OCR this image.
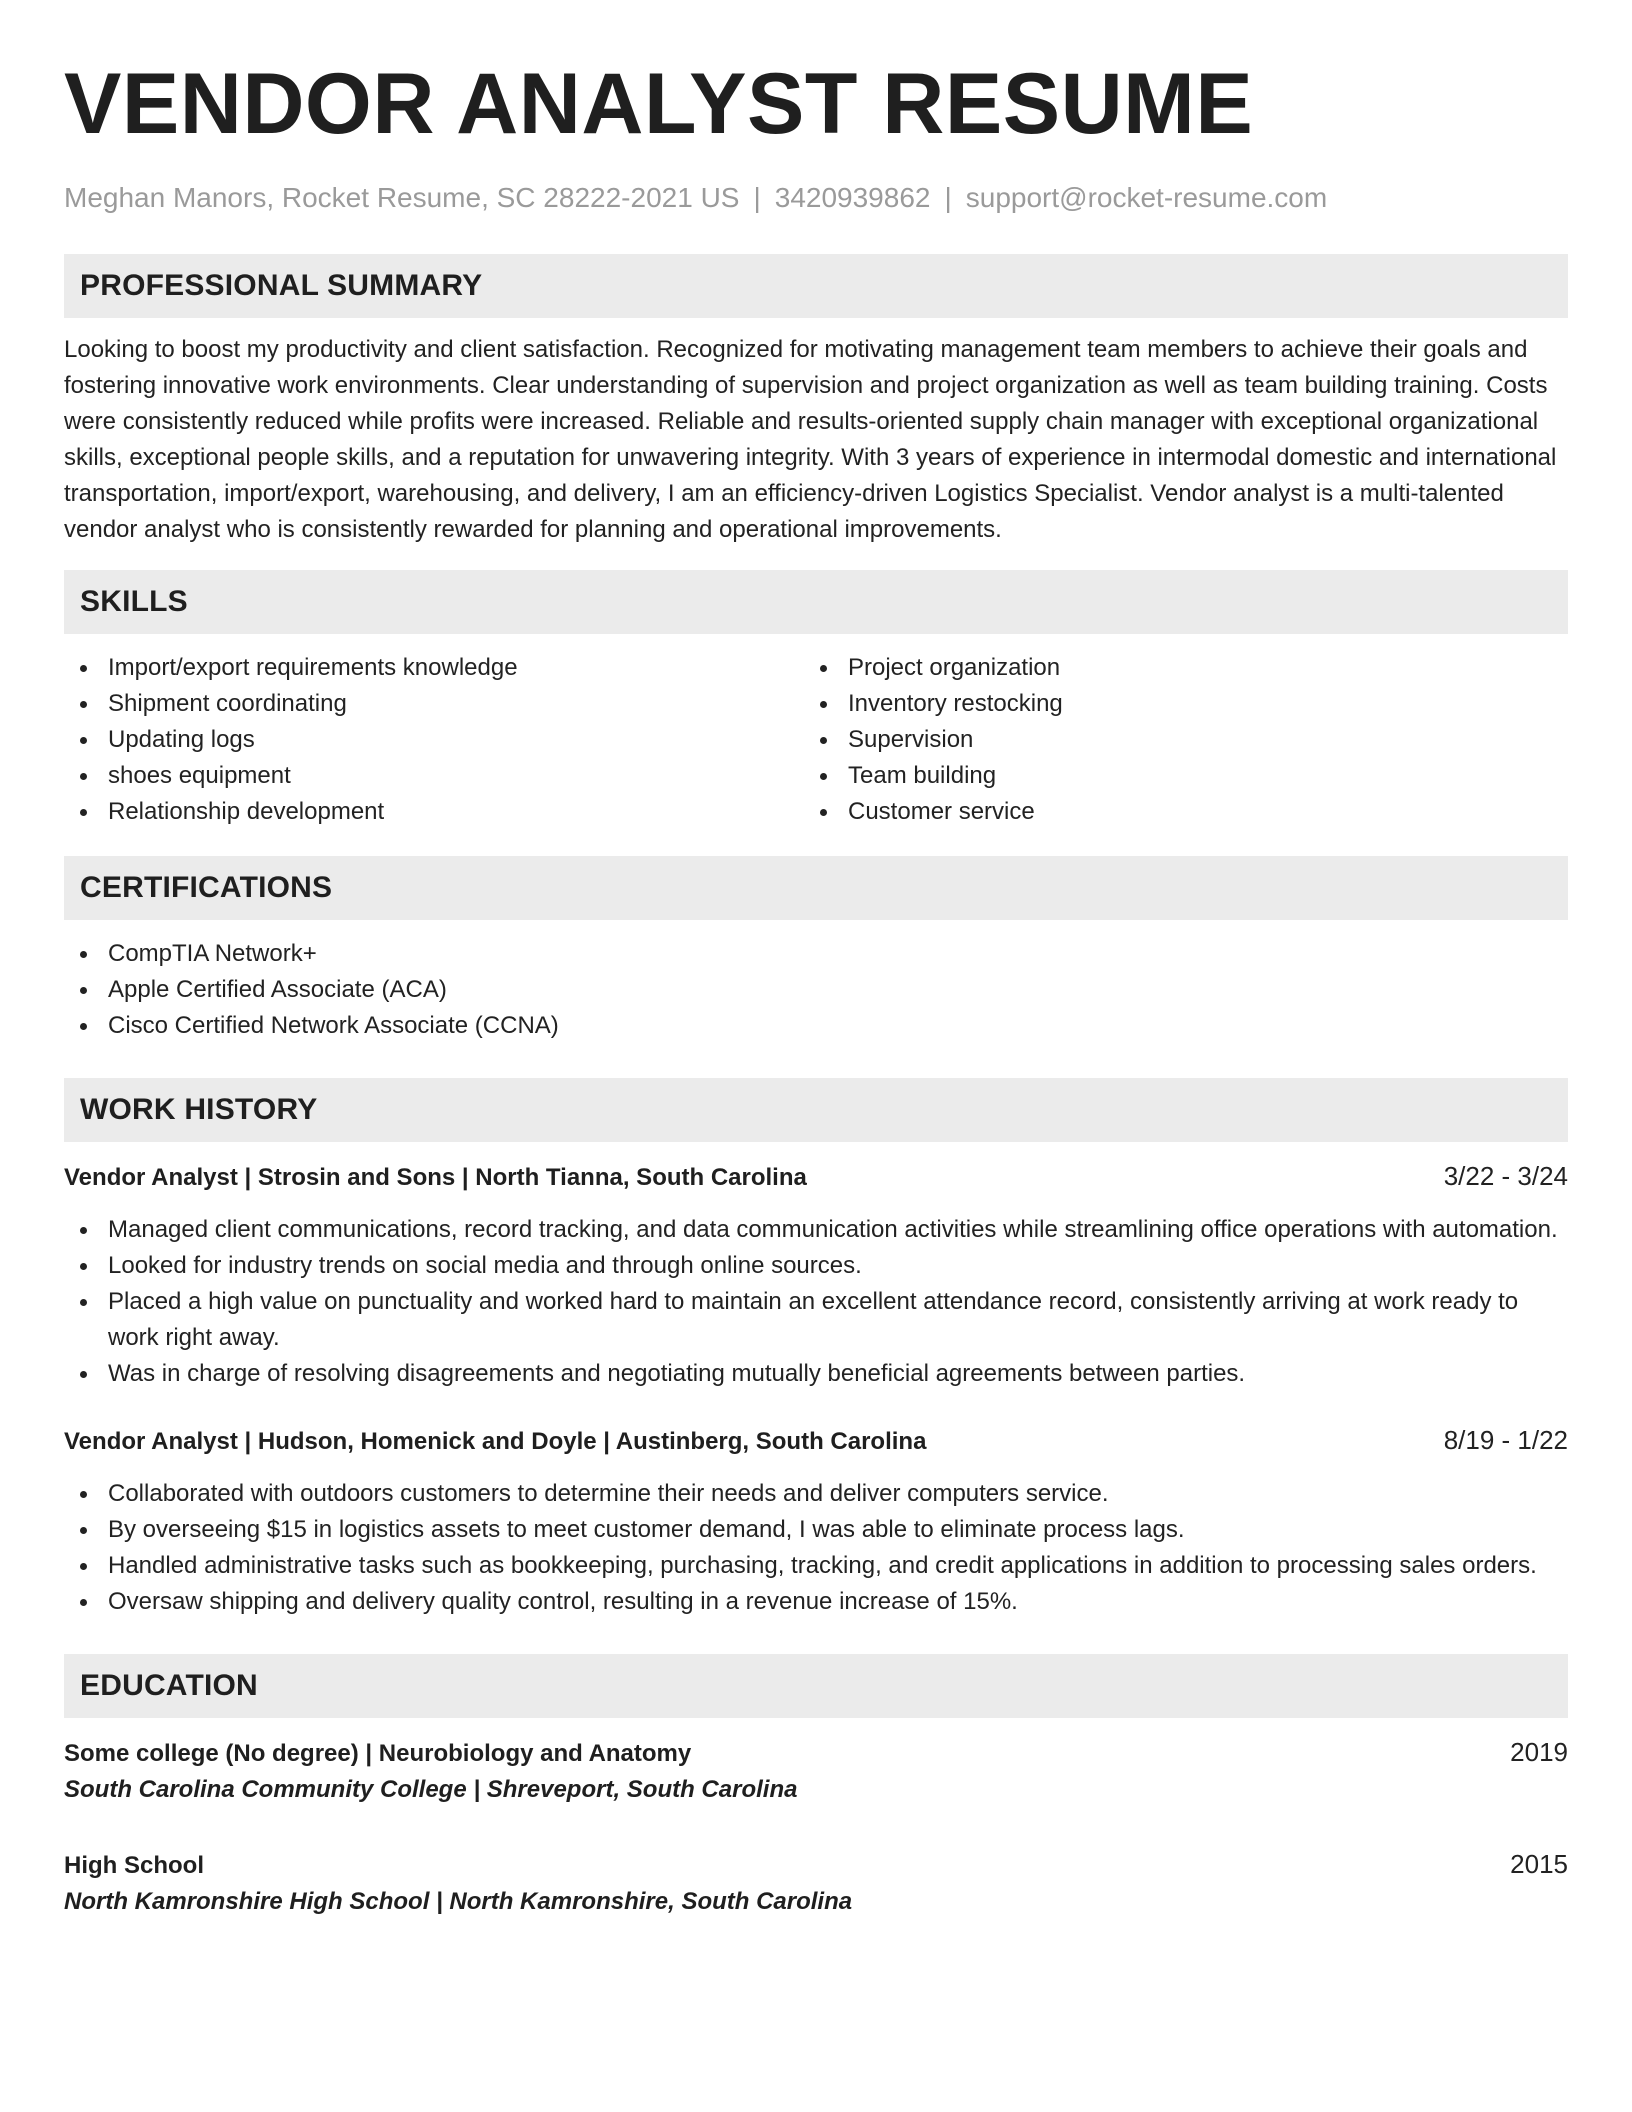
VENDOR ANALYST RESUME
Meghan Manors, Rocket Resume, SC 28222-2021 US | 3420939862 | support@rocket-resume.com
PROFESSIONAL SUMMARY

Looking to boost my productivity and client satisfaction. Recognized for motivating management team members to achieve their goals and fostering innovative work environments. Clear understanding of supervision and project organization as well as team building training. Costs were consistently reduced while profits were increased. Reliable and results-oriented supply chain manager with exceptional organizational skills, exceptional people skills, and a reputation for unwavering integrity. With 3 years of experience in intermodal domestic and international transportation, import/export, warehousing, and delivery, I am an efficiency-driven Logistics Specialist. Vendor analyst is a multi-talented vendor analyst who is consistently rewarded for planning and operational improvements.

SKILLS
Import/export requirements knowledge
Shipment coordinating
Updating logs
shoes equipment
Relationship development
Project organization
Inventory restocking
Supervision
Team building
Customer service
CERTIFICATIONS
CompTIA Network+
Apple Certified Associate (ACA)
Cisco Certified Network Associate (CCNA)
WORK HISTORY
Vendor Analyst | Strosin and Sons | North Tianna, South Carolina	3/22 - 3/24
Managed client communications, record tracking, and data communication activities while streamlining office operations with automation.
Looked for industry trends on social media and through online sources.
Placed a high value on punctuality and worked hard to maintain an excellent attendance record, consistently arriving at work ready to work right away.
Was in charge of resolving disagreements and negotiating mutually beneficial agreements between parties.
Vendor Analyst | Hudson, Homenick and Doyle | Austinberg, South Carolina	8/19 - 1/22
Collaborated with outdoors customers to determine their needs and deliver computers service.
By overseeing $15 in logistics assets to meet customer demand, I was able to eliminate process lags.
Handled administrative tasks such as bookkeeping, purchasing, tracking, and credit applications in addition to processing sales orders.
Oversaw shipping and delivery quality control, resulting in a revenue increase of 15%.
EDUCATION
Some college (No degree) | Neurobiology and Anatomy	2019
South Carolina Community College | Shreveport, South Carolina
High School	2015
North Kamronshire High School | North Kamronshire, South Carolina
